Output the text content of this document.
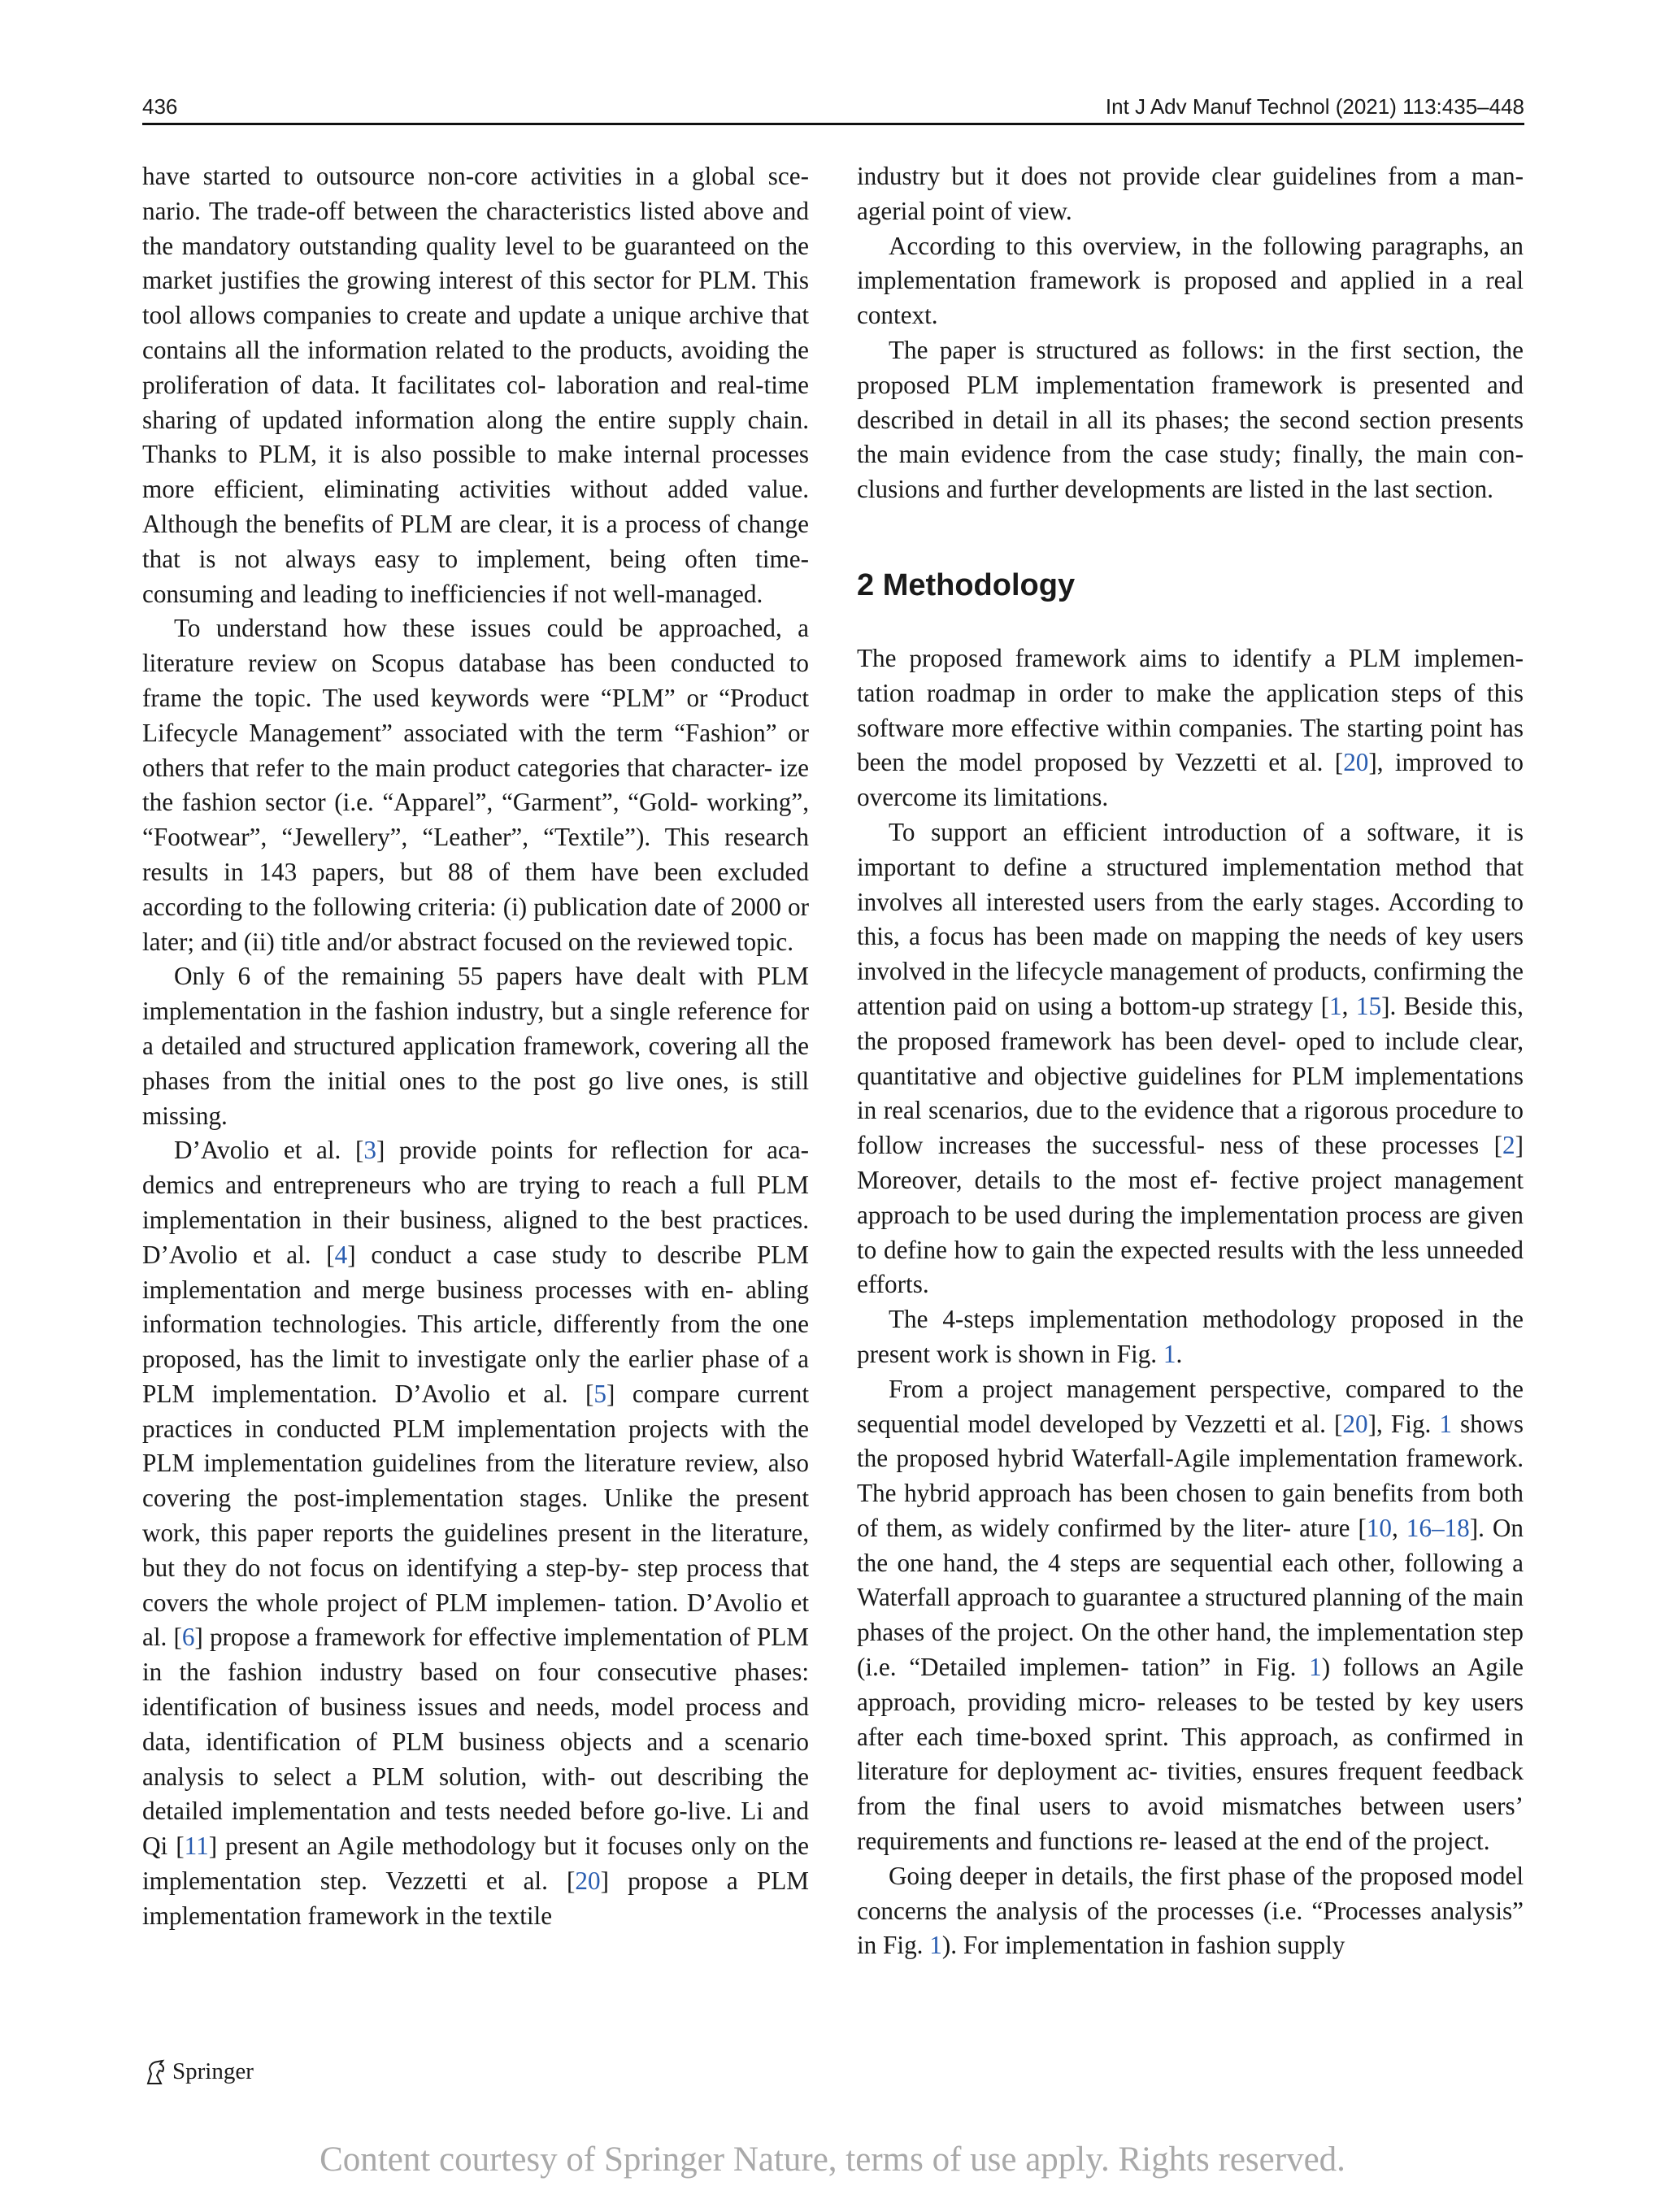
436	Int J Adv Manuf Technol (2021) 113:435–448

have started to outsource non-core activities in a global sce- nario. The trade-off between the characteristics listed above and the mandatory outstanding quality level to be guaranteed on the market justifies the growing interest of this sector for PLM. This tool allows companies to create and update a unique archive that contains all the information related to the products, avoiding the proliferation of data. It facilitates col- laboration and real-time sharing of updated information along the entire supply chain. Thanks to PLM, it is also possible to make internal processes more efficient, eliminating activities without added value. Although the benefits of PLM are clear, it is a process of change that is not always easy to implement, being often time-consuming and leading to inefficiencies if not well-managed.

To understand how these issues could be approached, a literature review on Scopus database has been conducted to frame the topic. The used keywords were “PLM” or “Product Lifecycle Management” associated with the term “Fashion” or others that refer to the main product categories that character- ize the fashion sector (i.e. “Apparel”, “Garment”, “Gold- working”, “Footwear”, “Jewellery”, “Leather”, “Textile”). This research results in 143 papers, but 88 of them have been excluded according to the following criteria: (i) publication date of 2000 or later; and (ii) title and/or abstract focused on the reviewed topic.

Only 6 of the remaining 55 papers have dealt with PLM implementation in the fashion industry, but a single reference for a detailed and structured application framework, covering all the phases from the initial ones to the post go live ones, is still missing.

D’Avolio et al. [3] provide points for reflection for aca- demics and entrepreneurs who are trying to reach a full PLM implementation in their business, aligned to the best practices. D’Avolio et al. [4] conduct a case study to describe PLM implementation and merge business processes with en- abling information technologies. This article, differently from the one proposed, has the limit to investigate only the earlier phase of a PLM implementation. D’Avolio et al. [5] compare current practices in conducted PLM implementation projects with the PLM implementation guidelines from the literature review, also covering the post-implementation stages. Unlike the present work, this paper reports the guidelines present in the literature, but they do not focus on identifying a step-by- step process that covers the whole project of PLM implemen- tation. D’Avolio et al. [6] propose a framework for effective implementation of PLM in the fashion industry based on four consecutive phases: identification of business issues and needs, model process and data, identification of PLM business objects and a scenario analysis to select a PLM solution, with- out describing the detailed implementation and tests needed before go-live. Li and Qi [11] present an Agile methodology but it focuses only on the implementation step. Vezzetti et al. [20] propose a PLM implementation framework in the textile

industry but it does not provide clear guidelines from a man- agerial point of view.

According to this overview, in the following paragraphs, an implementation framework is proposed and applied in a real context.

The paper is structured as follows: in the first section, the proposed PLM implementation framework is presented and described in detail in all its phases; the second section presents the main evidence from the case study; finally, the main con- clusions and further developments are listed in the last section.

2 Methodology

The proposed framework aims to identify a PLM implemen- tation roadmap in order to make the application steps of this software more effective within companies. The starting point has been the model proposed by Vezzetti et al. [20], improved to overcome its limitations.

To support an efficient introduction of a software, it is important to define a structured implementation method that involves all interested users from the early stages. According to this, a focus has been made on mapping the needs of key users involved in the lifecycle management of products, confirming the attention paid on using a bottom-up strategy [1, 15]. Beside this, the proposed framework has been devel- oped to include clear, quantitative and objective guidelines for PLM implementations in real scenarios, due to the evidence that a rigorous procedure to follow increases the successful- ness of these processes [2] Moreover, details to the most ef- fective project management approach to be used during the implementation process are given to define how to gain the expected results with the less unneeded efforts.

The 4-steps implementation methodology proposed in the present work is shown in Fig. 1.

From a project management perspective, compared to the sequential model developed by Vezzetti et al. [20], Fig. 1 shows the proposed hybrid Waterfall-Agile implementation framework. The hybrid approach has been chosen to gain benefits from both of them, as widely confirmed by the liter- ature [10, 16–18]. On the one hand, the 4 steps are sequential each other, following a Waterfall approach to guarantee a structured planning of the main phases of the project. On the other hand, the implementation step (i.e. “Detailed implemen- tation” in Fig. 1) follows an Agile approach, providing micro- releases to be tested by key users after each time-boxed sprint. This approach, as confirmed in literature for deployment ac- tivities, ensures frequent feedback from the final users to avoid mismatches between users’ requirements and functions re- leased at the end of the project.

Going deeper in details, the first phase of the proposed model concerns the analysis of the processes (i.e. “Processes analysis” in Fig. 1). For implementation in fashion supply

Springer
Content courtesy of Springer Nature, terms of use apply. Rights reserved.
